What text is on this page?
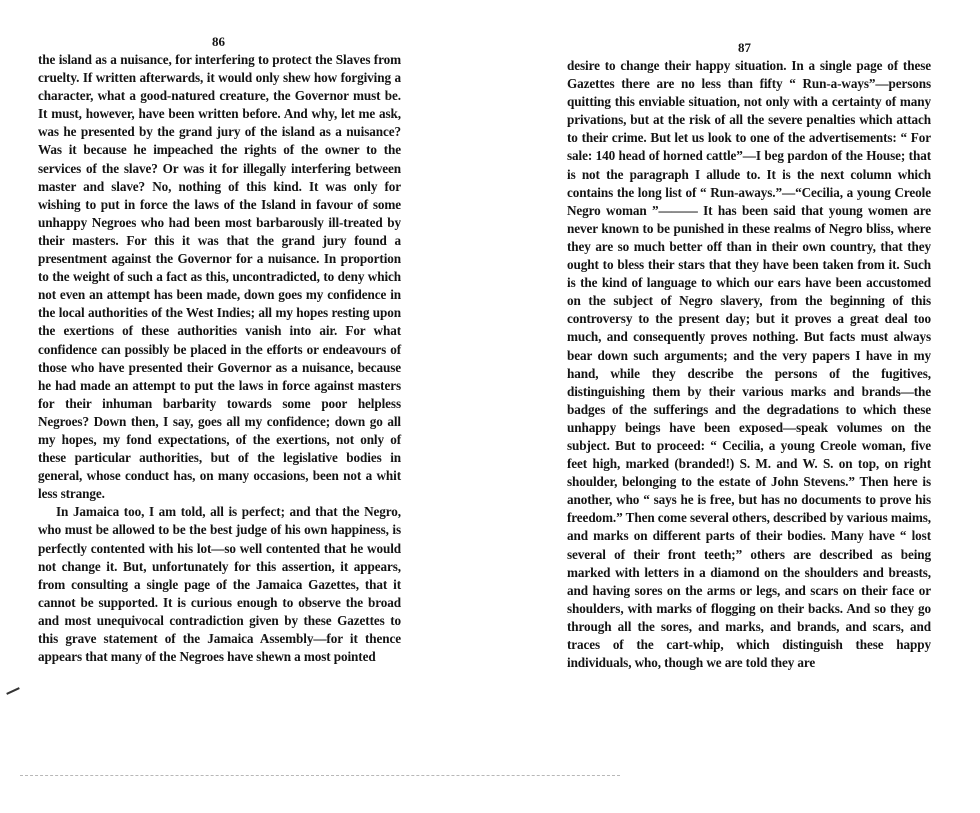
86

the island as a nuisance, for interfering to protect the Slaves from cruelty. If written afterwards, it would only shew how forgiving a character, what a good-natured creature, the Governor must be. It must, however, have been written before. And why, let me ask, was he presented by the grand jury of the island as a nuisance? Was it because he impeached the rights of the owner to the services of the slave? Or was it for illegally interfering between master and slave? No, nothing of this kind. It was only for wishing to put in force the laws of the Island in favour of some unhappy Negroes who had been most barbarously ill-treated by their masters. For this it was that the grand jury found a presentment against the Governor for a nuisance. In proportion to the weight of such a fact as this, uncontradicted, to deny which not even an attempt has been made, down goes my confidence in the local authorities of the West Indies; all my hopes resting upon the exertions of these authorities vanish into air. For what confidence can possibly be placed in the efforts or endeavours of those who have presented their Governor as a nuisance, because he had made an attempt to put the laws in force against masters for their inhuman barbarity towards some poor helpless Negroes? Down then, I say, goes all my confidence; down go all my hopes, my fond expectations, of the exertions, not only of these particular authorities, but of the legislative bodies in general, whose conduct has, on many occasions, been not a whit less strange.

In Jamaica too, I am told, all is perfect; and that the Negro, who must be allowed to be the best judge of his own happiness, is perfectly contented with his lot—so well contented that he would not change it. But, unfortunately for this assertion, it appears, from consulting a single page of the Jamaica Gazettes, that it cannot be supported. It is curious enough to observe the broad and most unequivocal contradiction given by these Gazettes to this grave statement of the Jamaica Assembly—for it thence appears that many of the Negroes have shewn a most pointed

87

desire to change their happy situation. In a single page of these Gazettes there are no less than fifty “ Run-a-ways”—persons quitting this enviable situation, not only with a certainty of many privations, but at the risk of all the severe penalties which attach to their crime. But let us look to one of the advertisements: “ For sale: 140 head of horned cattle”—I beg pardon of the House; that is not the paragraph I allude to. It is the next column which contains the long list of “ Run-aways.”—“Cecilia, a young Creole Negro woman ”——— It has been said that young women are never known to be punished in these realms of Negro bliss, where they are so much better off than in their own country, that they ought to bless their stars that they have been taken from it. Such is the kind of language to which our ears have been accustomed on the subject of Negro slavery, from the beginning of this controversy to the present day; but it proves a great deal too much, and consequently proves nothing. But facts must always bear down such arguments; and the very papers I have in my hand, while they describe the persons of the fugitives, distinguishing them by their various marks and brands—the badges of the sufferings and the degradations to which these unhappy beings have been exposed—speak volumes on the subject. But to proceed: “ Cecilia, a young Creole woman, five feet high, marked (branded!) S. M. and W. S. on top, on right shoulder, belonging to the estate of John Stevens.” Then here is another, who “ says he is free, but has no documents to prove his freedom.” Then come several others, described by various maims, and marks on different parts of their bodies. Many have “ lost several of their front teeth;” others are described as being marked with letters in a diamond on the shoulders and breasts, and having sores on the arms or legs, and scars on their face or shoulders, with marks of flogging on their backs. And so they go through all the sores, and marks, and brands, and scars, and traces of the cart-whip, which distinguish these happy individuals, who, though we are told they are
